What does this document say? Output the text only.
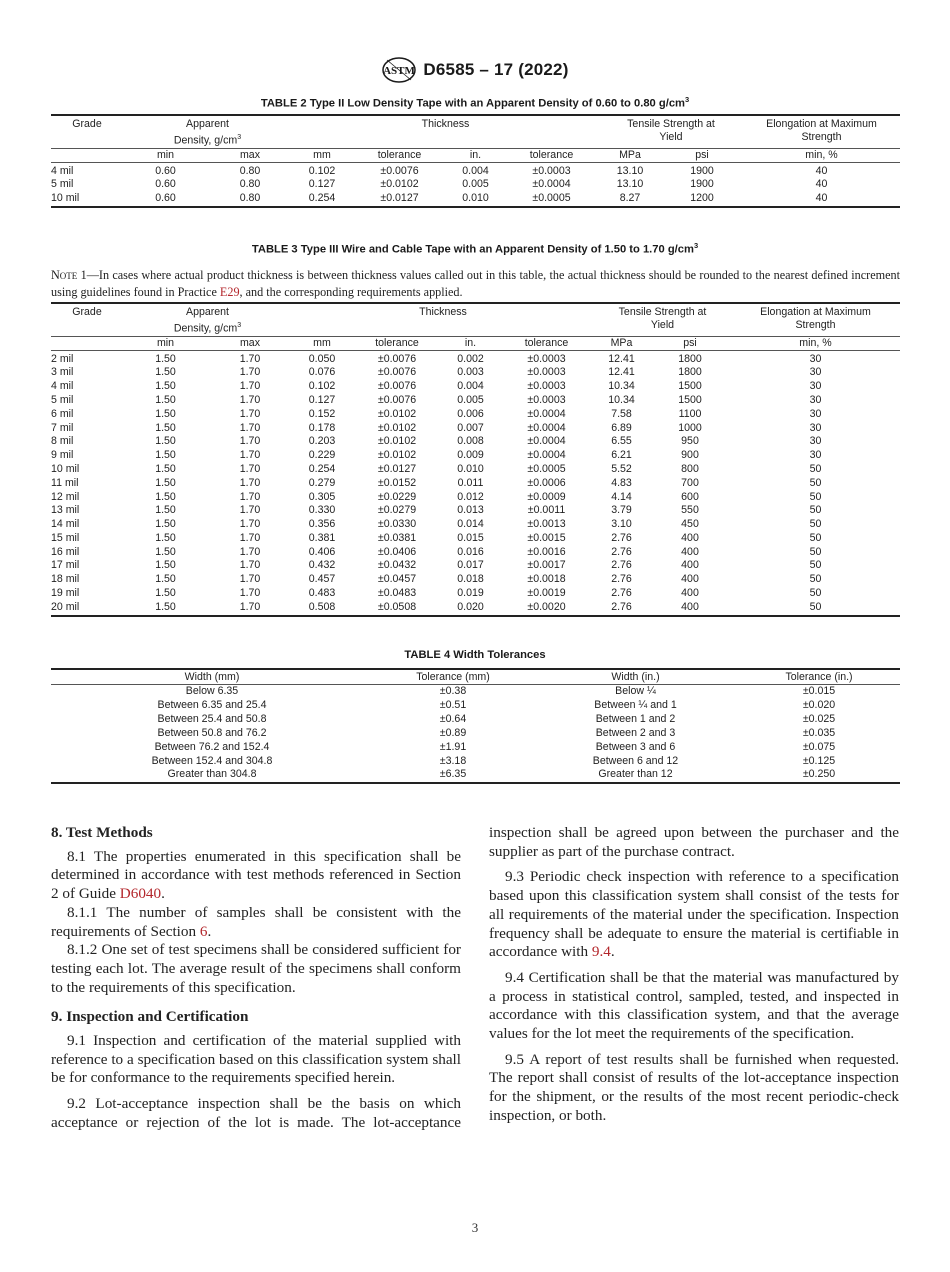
ASTM D6585 – 17 (2022)
TABLE 2 Type II Low Density Tape with an Apparent Density of 0.60 to 0.80 $g/cm^3$
Grade	Apparent
Density, $g/cm^3$		Thickness				Tensile Strength at
Yield		Elongation at Maximum
Strength
	min	max	mm	tolerance	in.	tolerance	MPa	psi	min, %
4 mil	0.60	0.80	0.102	±0.0076	0.004	±0.0003	13.10	1900	40
5 mil	0.60	0.80	0.127	±0.0102	0.005	±0.0004	13.10	1900	40
10 mil	0.60	0.80	0.254	±0.0127	0.010	±0.0005	8.27	1200	40
TABLE 3 Type III Wire and Cable Tape with an Apparent Density of 1.50 to 1.70 $g/cm^3$
Note 1—In cases where actual product thickness is between thickness values called out in this table, the actual thickness should be rounded to the nearest defined increment using guidelines found in Practice E29, and the corresponding requirements applied.
Grade	Apparent
Density, $g/cm^3$		Thickness				Tensile Strength at
Yield		Elongation at Maximum
Strength
	min	max	mm	tolerance	in.	tolerance	MPa	psi	min, %
2 mil	1.50	1.70	0.050	±0.0076	0.002	±0.0003	12.41	1800	30
3 mil	1.50	1.70	0.076	±0.0076	0.003	±0.0003	12.41	1800	30
4 mil	1.50	1.70	0.102	±0.0076	0.004	±0.0003	10.34	1500	30
5 mil	1.50	1.70	0.127	±0.0076	0.005	±0.0003	10.34	1500	30
6 mil	1.50	1.70	0.152	±0.0102	0.006	±0.0004	7.58	1100	30
7 mil	1.50	1.70	0.178	±0.0102	0.007	±0.0004	6.89	1000	30
8 mil	1.50	1.70	0.203	±0.0102	0.008	±0.0004	6.55	950	30
9 mil	1.50	1.70	0.229	±0.0102	0.009	±0.0004	6.21	900	30
10 mil	1.50	1.70	0.254	±0.0127	0.010	±0.0005	5.52	800	50
11 mil	1.50	1.70	0.279	±0.0152	0.011	±0.0006	4.83	700	50
12 mil	1.50	1.70	0.305	±0.0229	0.012	±0.0009	4.14	600	50
13 mil	1.50	1.70	0.330	±0.0279	0.013	±0.0011	3.79	550	50
14 mil	1.50	1.70	0.356	±0.0330	0.014	±0.0013	3.10	450	50
15 mil	1.50	1.70	0.381	±0.0381	0.015	±0.0015	2.76	400	50
16 mil	1.50	1.70	0.406	±0.0406	0.016	±0.0016	2.76	400	50
17 mil	1.50	1.70	0.432	±0.0432	0.017	±0.0017	2.76	400	50
18 mil	1.50	1.70	0.457	±0.0457	0.018	±0.0018	2.76	400	50
19 mil	1.50	1.70	0.483	±0.0483	0.019	±0.0019	2.76	400	50
20 mil	1.50	1.70	0.508	±0.0508	0.020	±0.0020	2.76	400	50
TABLE 4 Width Tolerances
Width (mm)	Tolerance (mm)	Width (in.)	Tolerance (in.)
Below 6.35	±0.38	Below ¼	±0.015
Between 6.35 and 25.4	±0.51	Between ¼ and 1	±0.020
Between 25.4 and 50.8	±0.64	Between 1 and 2	±0.025
Between 50.8 and 76.2	±0.89	Between 2 and 3	±0.035
Between 76.2 and 152.4	±1.91	Between 3 and 6	±0.075
Between 152.4 and 304.8	±3.18	Between 6 and 12	±0.125
Greater than 304.8	±6.35	Greater than 12	±0.250
8. Test Methods

8.1 The properties enumerated in this specification shall be determined in accordance with test methods referenced in Section 2 of Guide D6040.

8.1.1 The number of samples shall be consistent with the requirements of Section 6.

8.1.2 One set of test specimens shall be considered sufficient for testing each lot. The average result of the specimens shall conform to the requirements of this specification.

9. Inspection and Certification

9.1 Inspection and certification of the material supplied with reference to a specification based on this classification system shall be for conformance to the requirements specified herein.

9.2 Lot-acceptance inspection shall be the basis on which acceptance or rejection of the lot is made. The lot-acceptance

inspection shall be agreed upon between the purchaser and the supplier as part of the purchase contract.

9.3 Periodic check inspection with reference to a specification based upon this classification system shall consist of the tests for all requirements of the material under the specification. Inspection frequency shall be adequate to ensure the material is certifiable in accordance with 9.4.

9.4 Certification shall be that the material was manufactured by a process in statistical control, sampled, tested, and inspected in accordance with this classification system, and that the average values for the lot meet the requirements of the specification.

9.5 A report of test results shall be furnished when requested. The report shall consist of results of the lot-acceptance inspection for the shipment, or the results of the most recent periodic-check inspection, or both.

3
